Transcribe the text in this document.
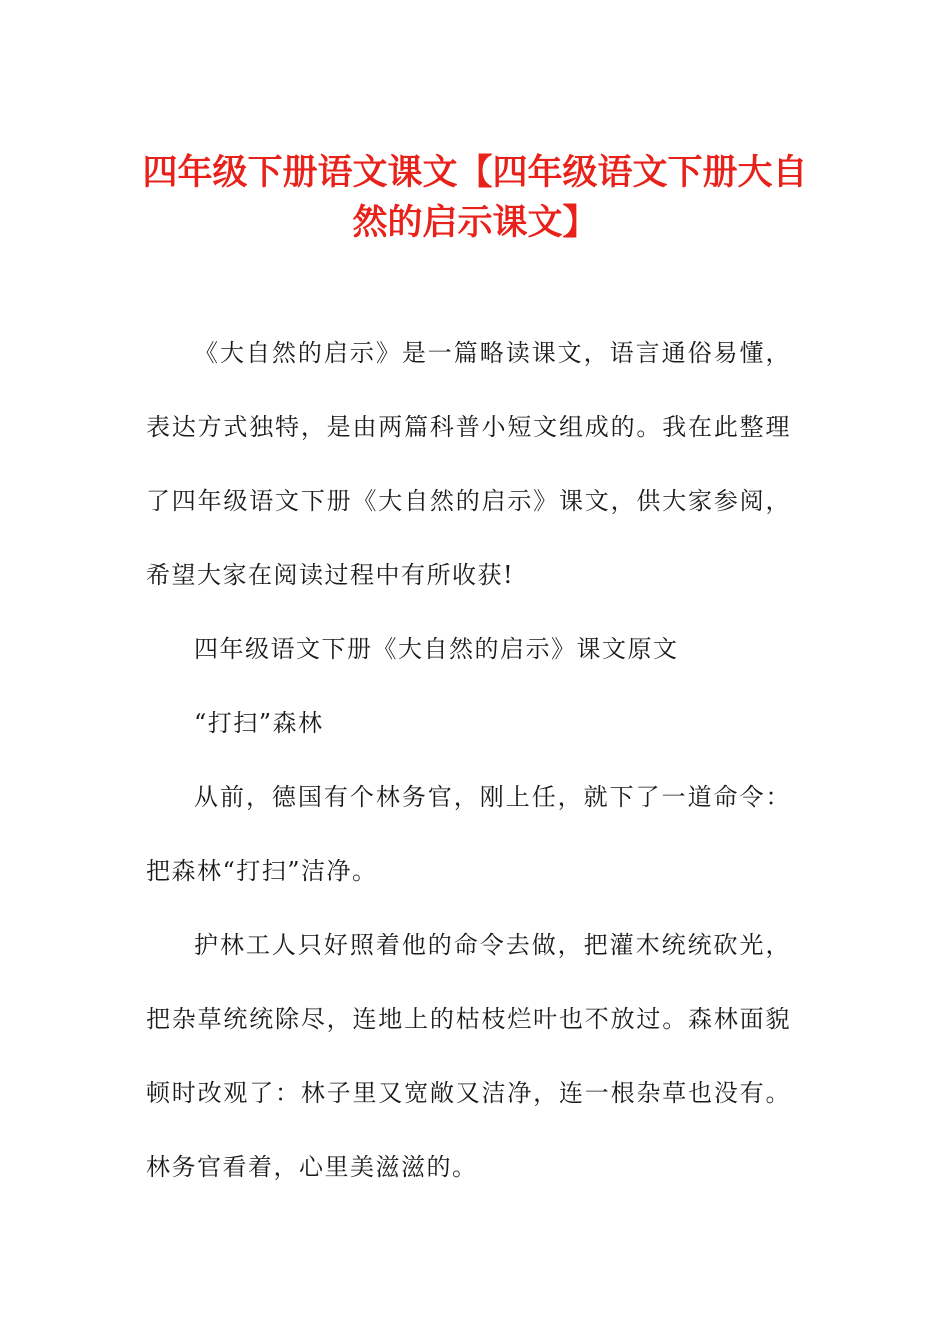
四年级下册语文课文【四年级语文下册大自然的启示课文】

《大自然的启示》是一篇略读课文，语言通俗易懂，表达方式独特，是由两篇科普小短文组成的。我在此整理了四年级语文下册《大自然的启示》课文，供大家参阅，希望大家在阅读过程中有所收获!

四年级语文下册《大自然的启示》课文原文

“打扫”森林

从前，德国有个林务官，刚上任，就下了一道命令：把森林“打扫”洁净。

护林工人只好照着他的命令去做，把灌木统统砍光，把杂草统统除尽，连地上的枯枝烂叶也不放过。森林面貌顿时改观了：林子里又宽敞又洁净，连一根杂草也没有。林务官看着，心里美滋滋的。
